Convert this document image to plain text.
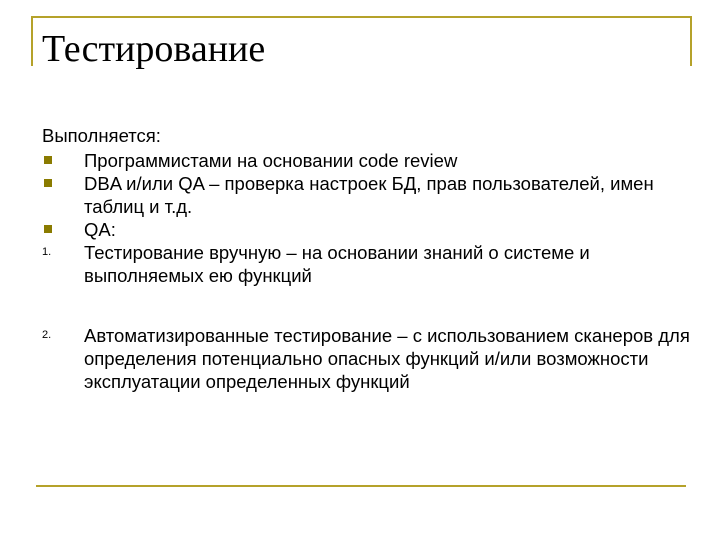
Тестирование

Выполняется:

Программистами на основании code review
DBA и/или QA – проверка настроек БД, прав пользователей, имен таблиц и т.д.
QA:
1. Тестирование вручную – на основании знаний о системе и выполняемых ею функций
2. Автоматизированные тестирование – с использованием сканеров для определения потенциально опасных функций и/или возможности эксплуатации определенных функций
